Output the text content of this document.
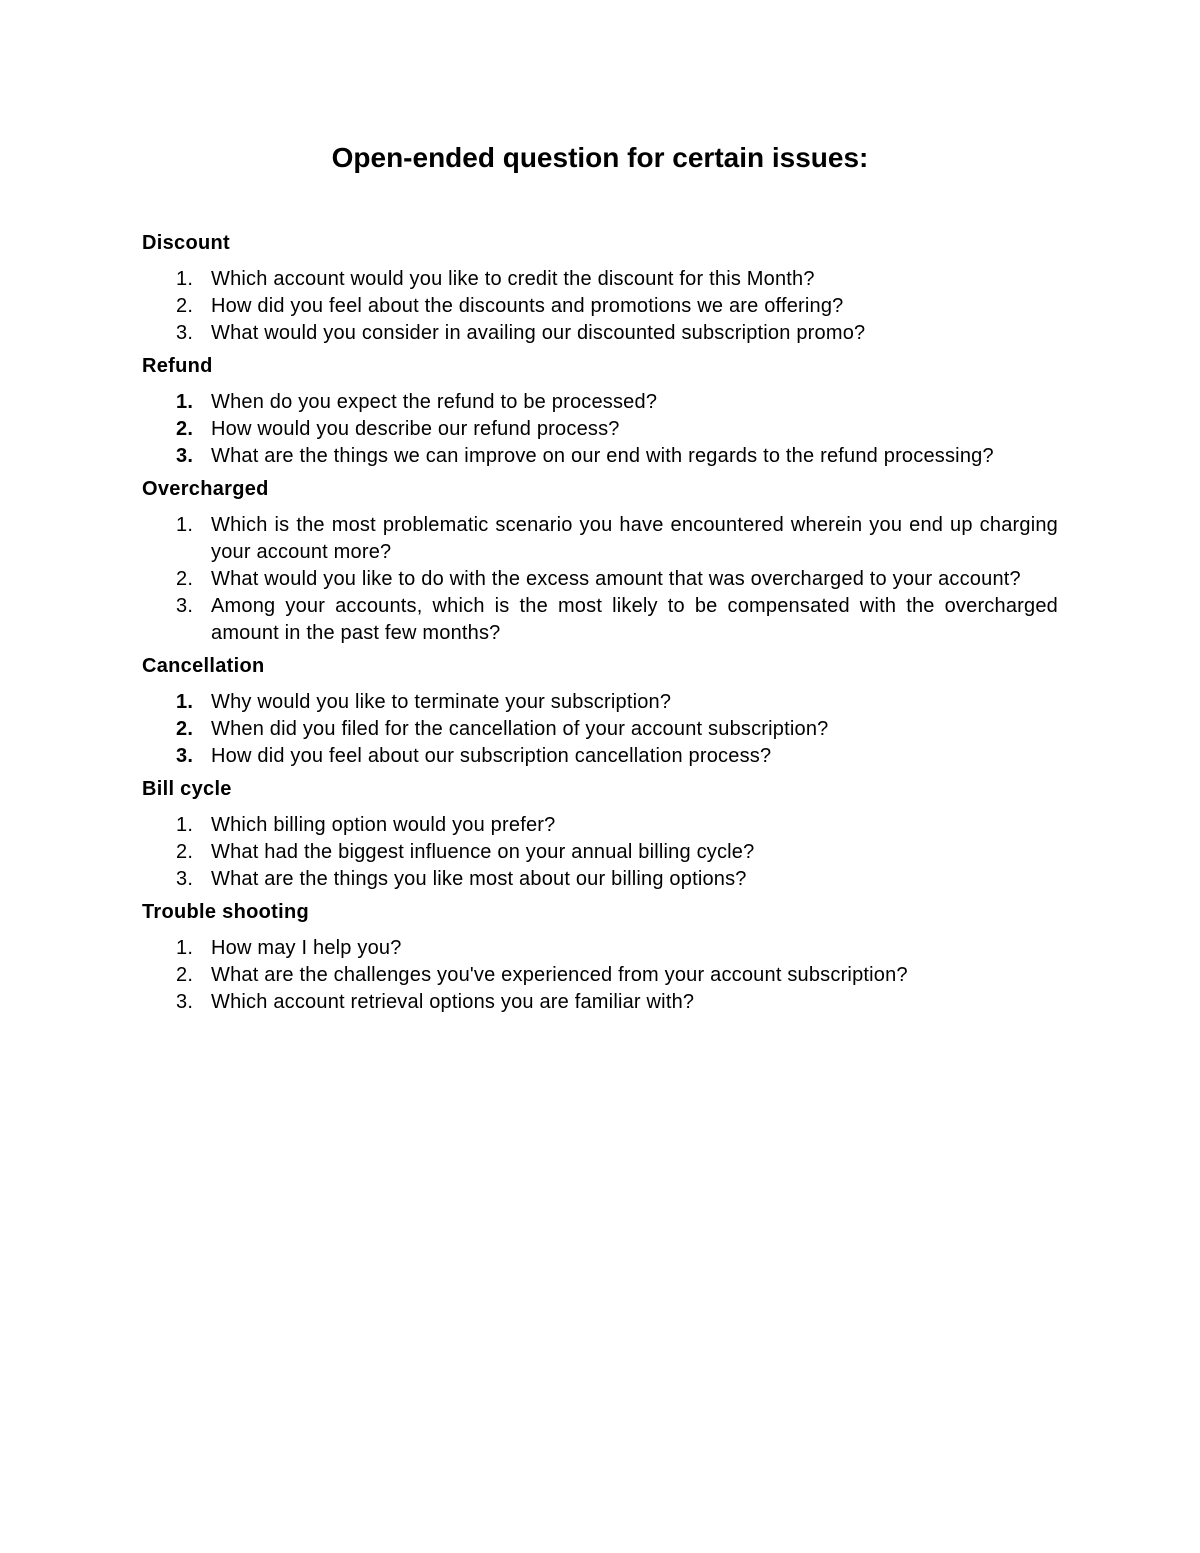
Open-ended question for certain issues:
Discount
1. Which account would you like to credit the discount for this Month?
2. How did you feel about the discounts and promotions we are offering?
3. What would you consider in availing our discounted subscription promo?
Refund
1. When do you expect the refund to be processed?
2. How would you describe our refund process?
3. What are the things we can improve on our end with regards to the refund processing?
Overcharged
1. Which is the most problematic scenario you have encountered wherein you end up charging your account more?
2. What would you like to do with the excess amount that was overcharged to your account?
3. Among your accounts, which is the most likely to be compensated with the overcharged amount in the past few months?
Cancellation
1. Why would you like to terminate your subscription?
2. When did you filed for the cancellation of your account subscription?
3. How did you feel about our subscription cancellation process?
Bill cycle
1. Which billing option would you prefer?
2. What had the biggest influence on your annual billing cycle?
3. What are the things you like most about our billing options?
Trouble shooting
1. How may I help you?
2. What are the challenges you've experienced from your account subscription?
3. Which account retrieval options you are familiar with?
